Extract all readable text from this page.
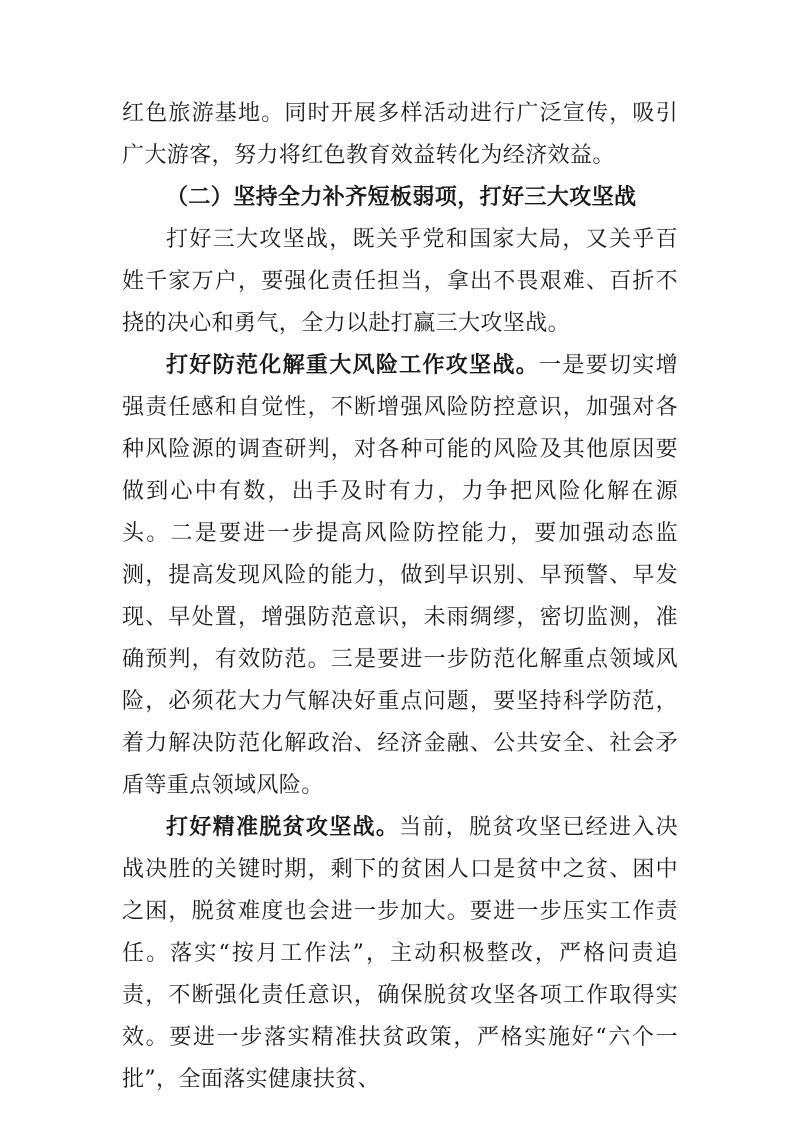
红色旅游基地。同时开展多样活动进行广泛宣传，吸引广大游客，努力将红色教育效益转化为经济效益。

（二）坚持全力补齐短板弱项，打好三大攻坚战

打好三大攻坚战，既关乎党和国家大局，又关乎百姓千家万户，要强化责任担当，拿出不畏艰难、百折不挠的决心和勇气，全力以赴打赢三大攻坚战。

打好防范化解重大风险工作攻坚战。一是要切实增强责任感和自觉性，不断增强风险防控意识，加强对各种风险源的调查研判，对各种可能的风险及其他原因要做到心中有数，出手及时有力，力争把风险化解在源头。二是要进一步提高风险防控能力，要加强动态监测，提高发现风险的能力，做到早识别、早预警、早发现、早处置，增强防范意识，未雨绸缪，密切监测，准确预判，有效防范。三是要进一步防范化解重点领域风险，必须花大力气解决好重点问题，要坚持科学防范，着力解决防范化解政治、经济金融、公共安全、社会矛盾等重点领域风险。

打好精准脱贫攻坚战。当前，脱贫攻坚已经进入决战决胜的关键时期，剩下的贫困人口是贫中之贫、困中之困，脱贫难度也会进一步加大。要进一步压实工作责任。落实“按月工作法”，主动积极整改，严格问责追责，不断强化责任意识，确保脱贫攻坚各项工作取得实效。要进一步落实精准扶贫政策，严格实施好“六个一批”，全面落实健康扶贫、
